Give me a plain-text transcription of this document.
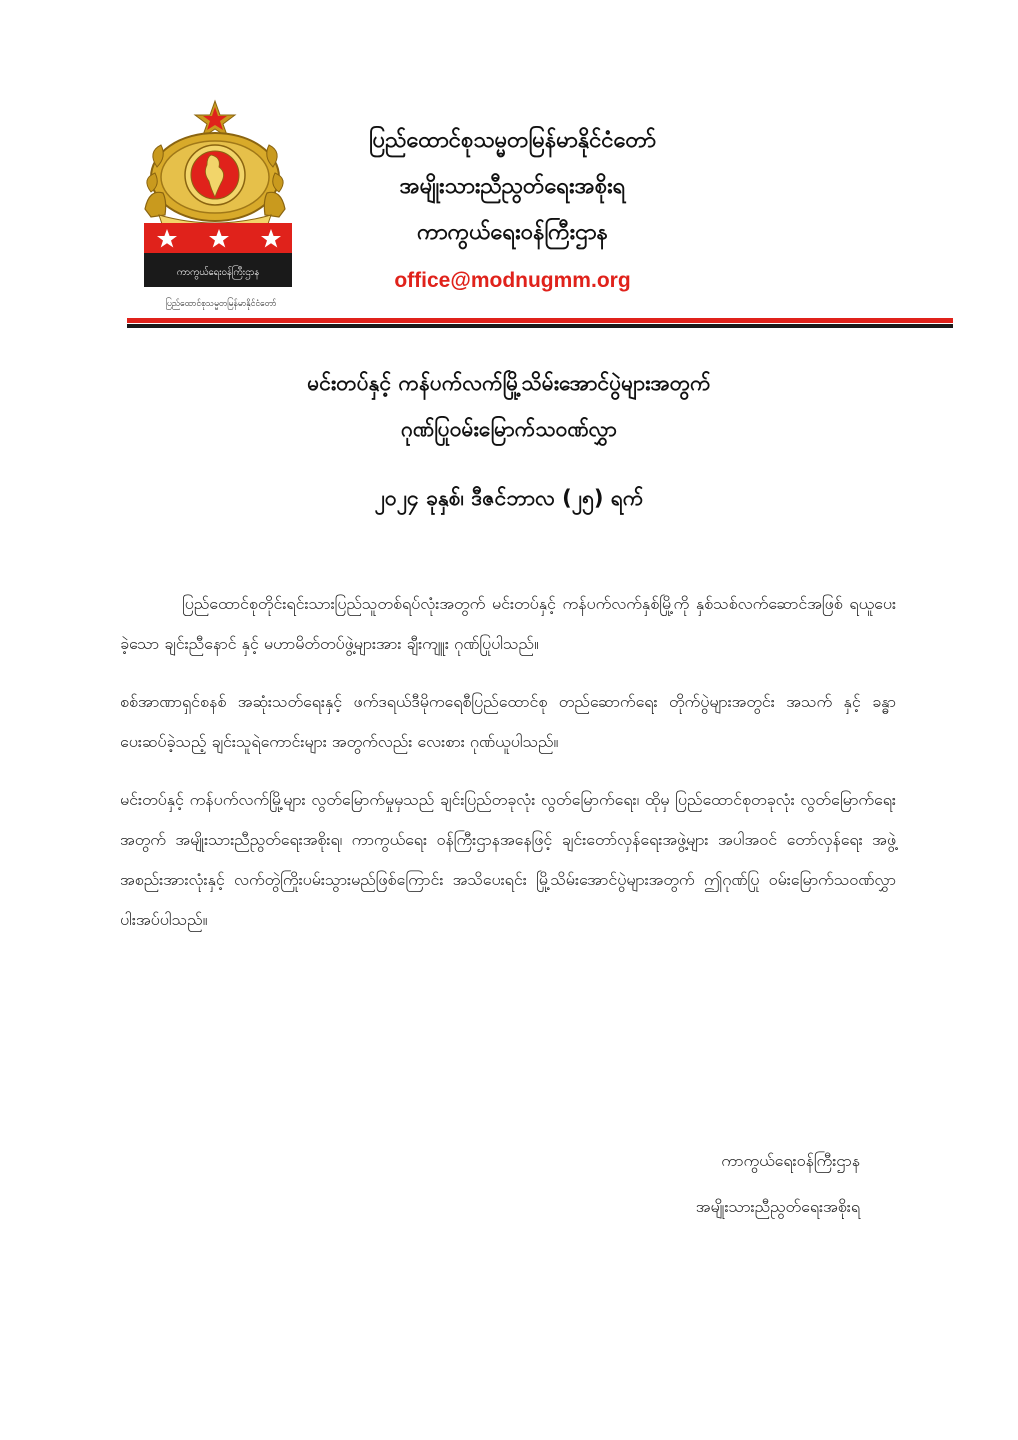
ကာကွယ်ရေးဝန်ကြီးဌာန
ပြည်ထောင်စုသမ္မတမြန်မာနိုင်ငံတော်
ပြည်ထောင်စုသမ္မတမြန်မာနိုင်ငံတော်
အမျိုးသားညီညွတ်ရေးအစိုးရ
ကာကွယ်ရေးဝန်ကြီးဌာန
office@modnugmm.org
မင်းတပ်နှင့် ကန်ပက်လက်မြို့သိမ်းအောင်ပွဲများအတွက်
ဂုဏ်ပြုဝမ်းမြောက်သဝဏ်လွှာ
၂၀၂၄ ခုနှစ်၊ ဒီဇင်ဘာလ (၂၅) ရက်

ပြည်ထောင်စုတိုင်းရင်းသားပြည်သူတစ်ရပ်လုံးအတွက် မင်းတပ်နှင့် ကန်ပက်လက်နှစ်မြို့ကို နှစ်သစ်လက်ဆောင်အဖြစ် ရယူပေးခဲ့သော ချင်းညီနောင် နှင့် မဟာမိတ်တပ်ဖွဲ့များအား ချီးကျူး ဂုဏ်ပြုပါသည်။

စစ်အာဏာရှင်စနစ် အဆုံးသတ်ရေးနှင့် ဖက်ဒရယ်ဒီမိုကရေစီပြည်ထောင်စု တည်ဆောက်ရေး တိုက်ပွဲများအတွင်း အသက် နှင့် ခန္ဓာပေးဆပ်ခဲ့သည့် ချင်းသူရဲကောင်းများ အတွက်လည်း လေးစား ဂုဏ်ယူပါသည်။

မင်းတပ်နှင့် ကန်ပက်လက်မြို့များ လွတ်မြောက်မှုမှသည် ချင်းပြည်တခုလုံး လွတ်မြောက်ရေး၊ ထိုမှ ပြည်ထောင်စုတခုလုံး လွတ်မြောက်ရေးအတွက် အမျိုးသားညီညွတ်ရေးအစိုးရ၊ ကာကွယ်ရေး ဝန်ကြီးဌာနအနေဖြင့် ချင်းတော်လှန်ရေးအဖွဲ့များ အပါအဝင် တော်လှန်ရေး အဖွဲ့အစည်းအားလုံးနှင့် လက်တွဲကြိုးပမ်းသွားမည်ဖြစ်ကြောင်း အသိပေးရင်း မြို့သိမ်းအောင်ပွဲများအတွက် ဤဂုဏ်ပြု ဝမ်းမြောက်သဝဏ်လွှာ ပါးအပ်ပါသည်။

ကာကွယ်ရေးဝန်ကြီးဌာန
အမျိုးသားညီညွတ်ရေးအစိုးရ
